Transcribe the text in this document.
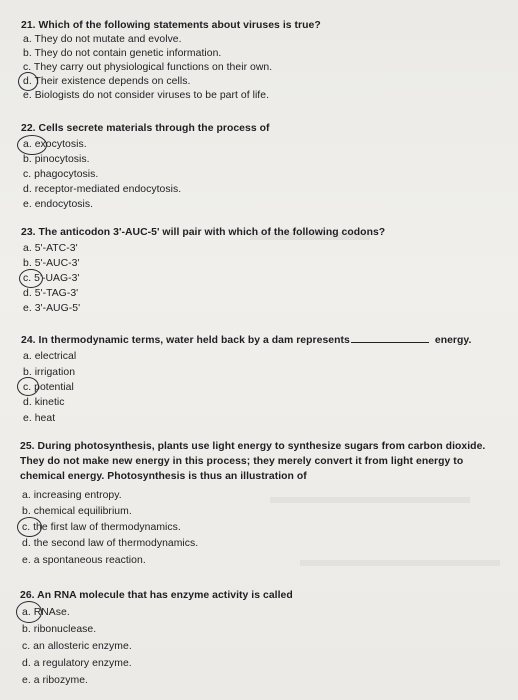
21. Which of the following statements about viruses is true?
a. They do not mutate and evolve.
b. They do not contain genetic information.
c. They carry out physiological functions on their own.
d. Their existence depends on cells.
e. Biologists do not consider viruses to be part of life.
22. Cells secrete materials through the process of
a. exocytosis.
b. pinocytosis.
c. phagocytosis.
d. receptor-mediated endocytosis.
e. endocytosis.
23. The anticodon 3'-AUC-5' will pair with which of the following codons?
a. 5'-ATC-3'
b. 5'-AUC-3'
c. 5'-UAG-3'
d. 5'-TAG-3'
e. 3'-AUG-5'
24. In thermodynamic terms, water held back by a dam represents	energy.
a. electrical
b. irrigation
c. potential
d. kinetic
e. heat
25. During photosynthesis, plants use light energy to synthesize sugars from carbon dioxide.
They do not make new energy in this process; they merely convert it from light energy to
chemical energy. Photosynthesis is thus an illustration of
a. increasing entropy.
b. chemical equilibrium.
c. the first law of thermodynamics.
d. the second law of thermodynamics.
e. a spontaneous reaction.
26. An RNA molecule that has enzyme activity is called
a. RNAse.
b. ribonuclease.
c. an allosteric enzyme.
d. a regulatory enzyme.
e. a ribozyme.
